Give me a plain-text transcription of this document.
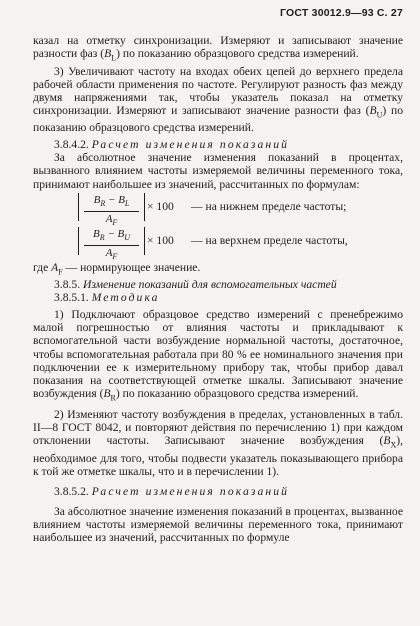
ГОСТ 30012.9—93 С. 27

казал на отметку синхронизации. Измеряют и записывают значение разности фаз $(B_L)$ по показанию образцового средства измерений.

3) Увеличивают частоту на входах обеих цепей до верхнего предела рабочей области применения по частоте. Регулируют разность фаз между двумя напряжениями так, чтобы указатель показал на отметку синхронизации. Измеряют и записывают значение разности фаз $(B_U)$ по показанию образцового средства измерений.

3.8.4.2. Расчет изменения показаний

За абсолютное значение изменения показаний в процентах, вызванного влиянием частоты измеряемой величины переменного тока, принимают наибольшее из значений, рассчитанных по формулам:

$\frac{B_R - B_L}{A_F} \times 100$ — на нижнем пределе частоты;
$\frac{B_R - B_U}{A_F} \times 100$ — на верхнем пределе частоты,

где $A_F$ — нормирующее значение.

3.8.5. Изменение показаний для вспомогательных частей

3.8.5.1. Методика

1) Подключают образцовое средство измерений с пренебрежимо малой погрешностью от влияния частоты и прикладывают к вспомогательной части возбуждение нормальной частоты, достаточное, чтобы вспомогательная работала при 80 % ее номинального значения при подключении ее к измерительному прибору так, чтобы прибор давал показания на соответствующей отметке шкалы. Записывают значение возбуждения $(B_R)$ по показанию образцового средства измерений.

2) Изменяют частоту возбуждения в пределах, установленных в табл. II—8 ГОСТ 8042, и повторяют действия по перечислению 1) при каждом отклонении частоты. Записывают значение возбуждения $(B_X)$, необходимое для того, чтобы подвести указатель показывающего прибора к той же отметке шкалы, что и в перечислении 1).

3.8.5.2. Расчет изменения показаний

За абсолютное значение изменения показаний в процентах, вызванное влиянием частоты измеряемой величины переменного тока, принимают наибольшее из значений, рассчитанных по формуле
